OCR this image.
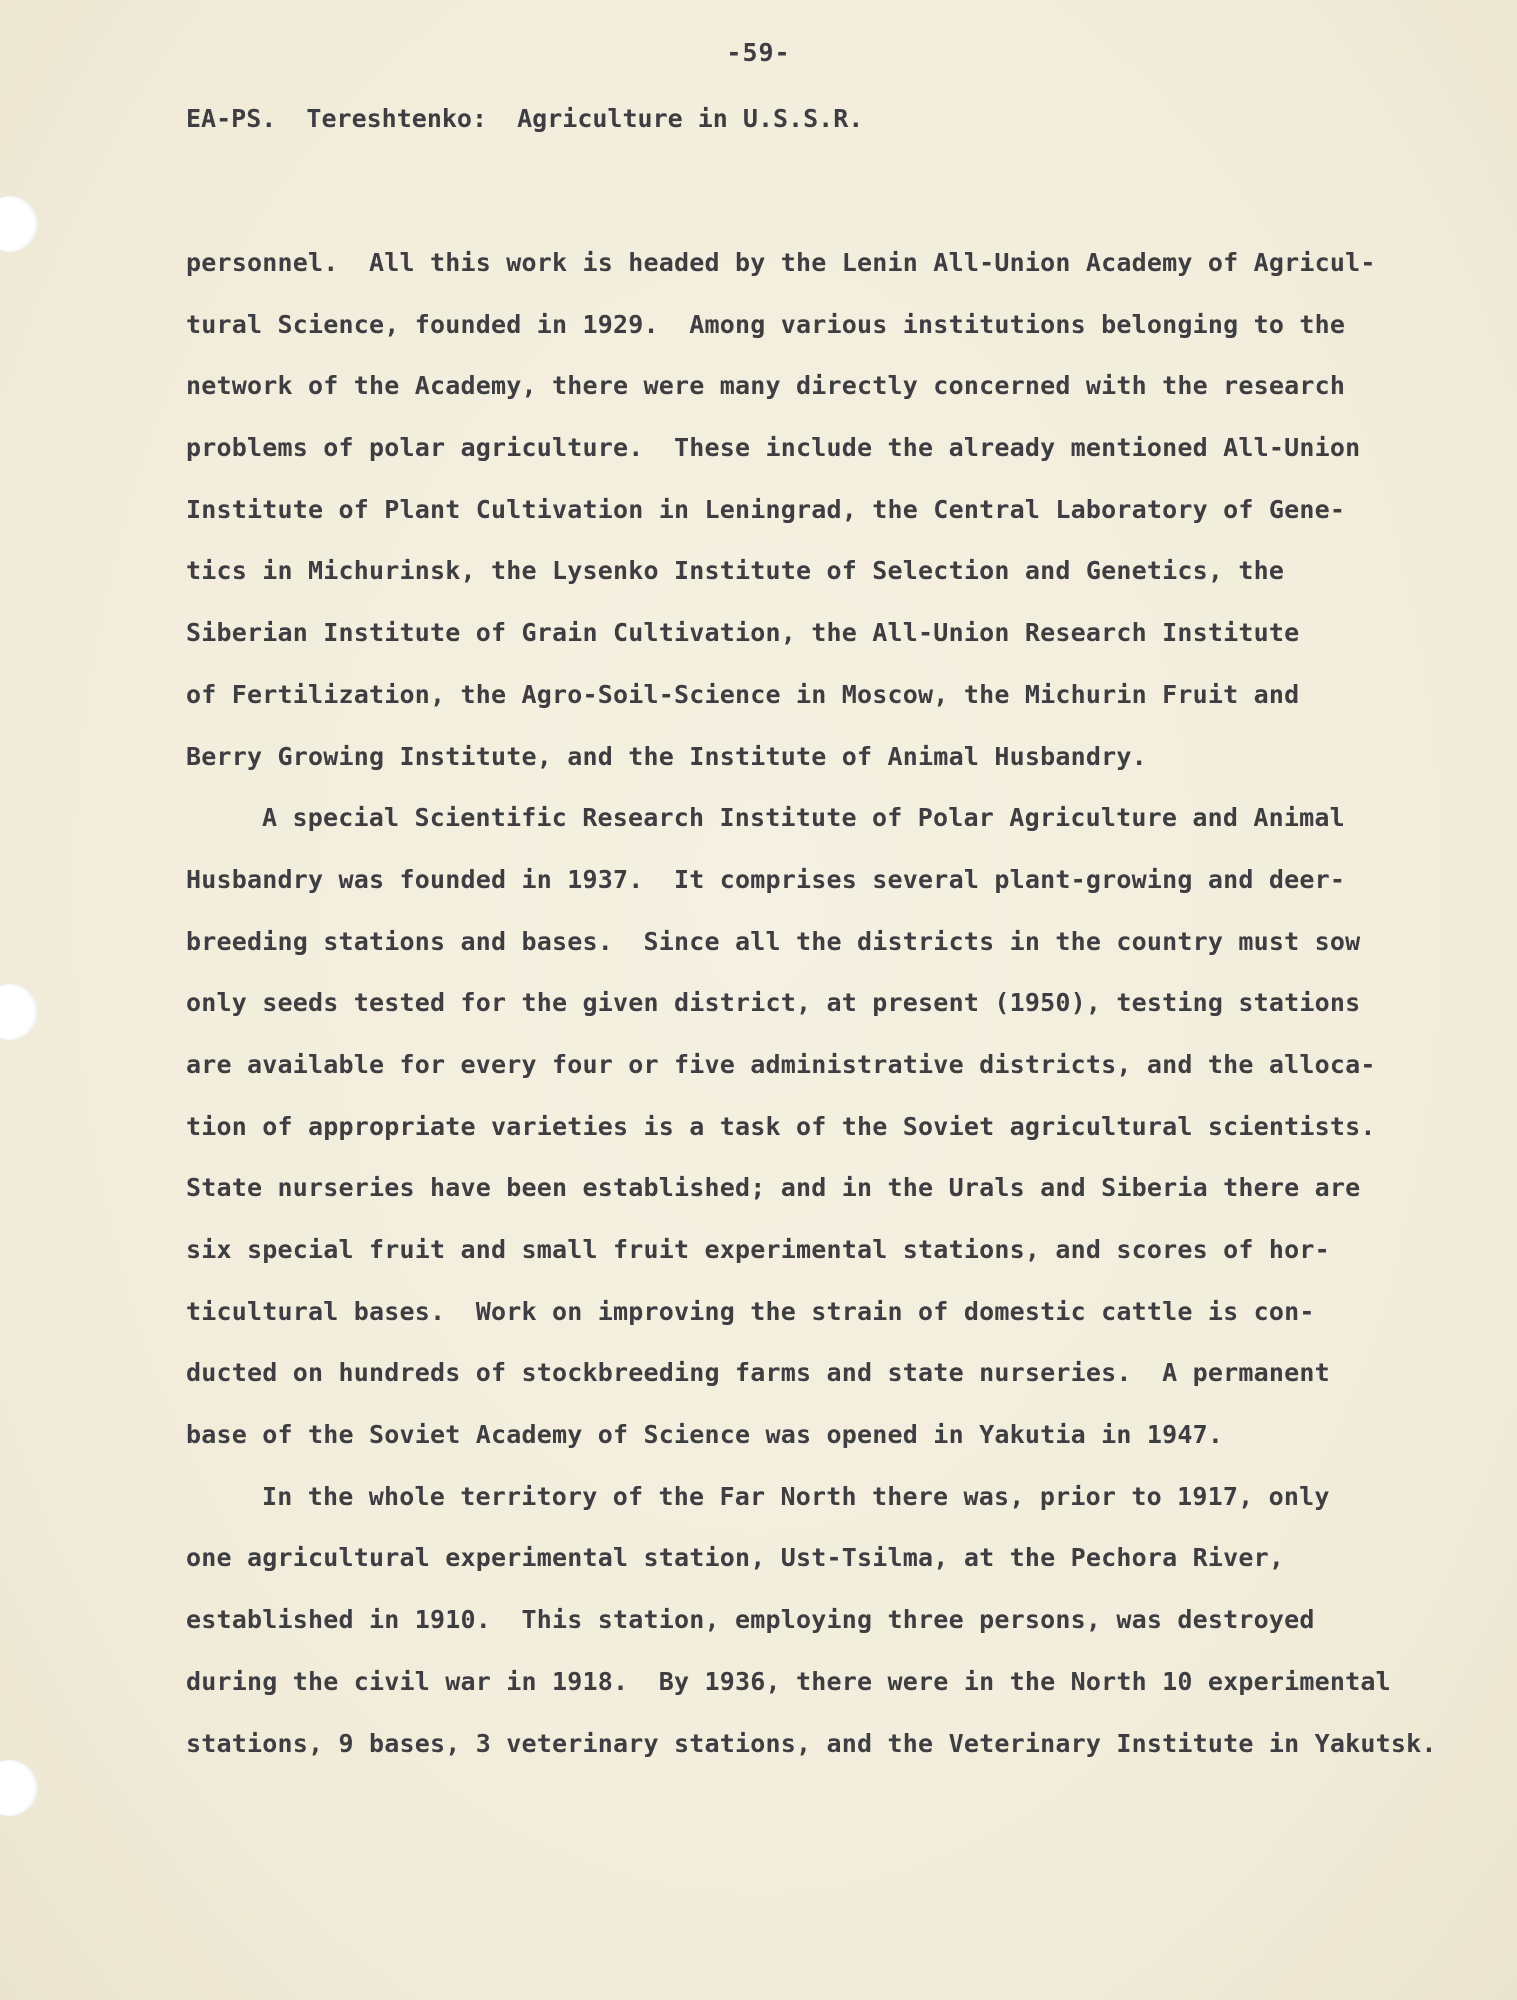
-59-
EA-PS.  Tereshtenko:  Agriculture in U.S.S.R.
personnel.  All this work is headed by the Lenin All-Union Academy of Agricul-
tural Science, founded in 1929.  Among various institutions belonging to the
network of the Academy, there were many directly concerned with the research
problems of polar agriculture.  These include the already mentioned All-Union
Institute of Plant Cultivation in Leningrad, the Central Laboratory of Gene-
tics in Michurinsk, the Lysenko Institute of Selection and Genetics, the
Siberian Institute of Grain Cultivation, the All-Union Research Institute
of Fertilization, the Agro-Soil-Science in Moscow, the Michurin Fruit and
Berry Growing Institute, and the Institute of Animal Husbandry.
A special Scientific Research Institute of Polar Agriculture and Animal
Husbandry was founded in 1937.  It comprises several plant-growing and deer-
breeding stations and bases.  Since all the districts in the country must sow
only seeds tested for the given district, at present (1950), testing stations
are available for every four or five administrative districts, and the alloca-
tion of appropriate varieties is a task of the Soviet agricultural scientists.
State nurseries have been established; and in the Urals and Siberia there are
six special fruit and small fruit experimental stations, and scores of hor-
ticultural bases.  Work on improving the strain of domestic cattle is con-
ducted on hundreds of stockbreeding farms and state nurseries.  A permanent
base of the Soviet Academy of Science was opened in Yakutia in 1947.
In the whole territory of the Far North there was, prior to 1917, only
one agricultural experimental station, Ust-Tsilma, at the Pechora River,
established in 1910.  This station, employing three persons, was destroyed
during the civil war in 1918.  By 1936, there were in the North 10 experimental
stations, 9 bases, 3 veterinary stations, and the Veterinary Institute in Yakutsk.
